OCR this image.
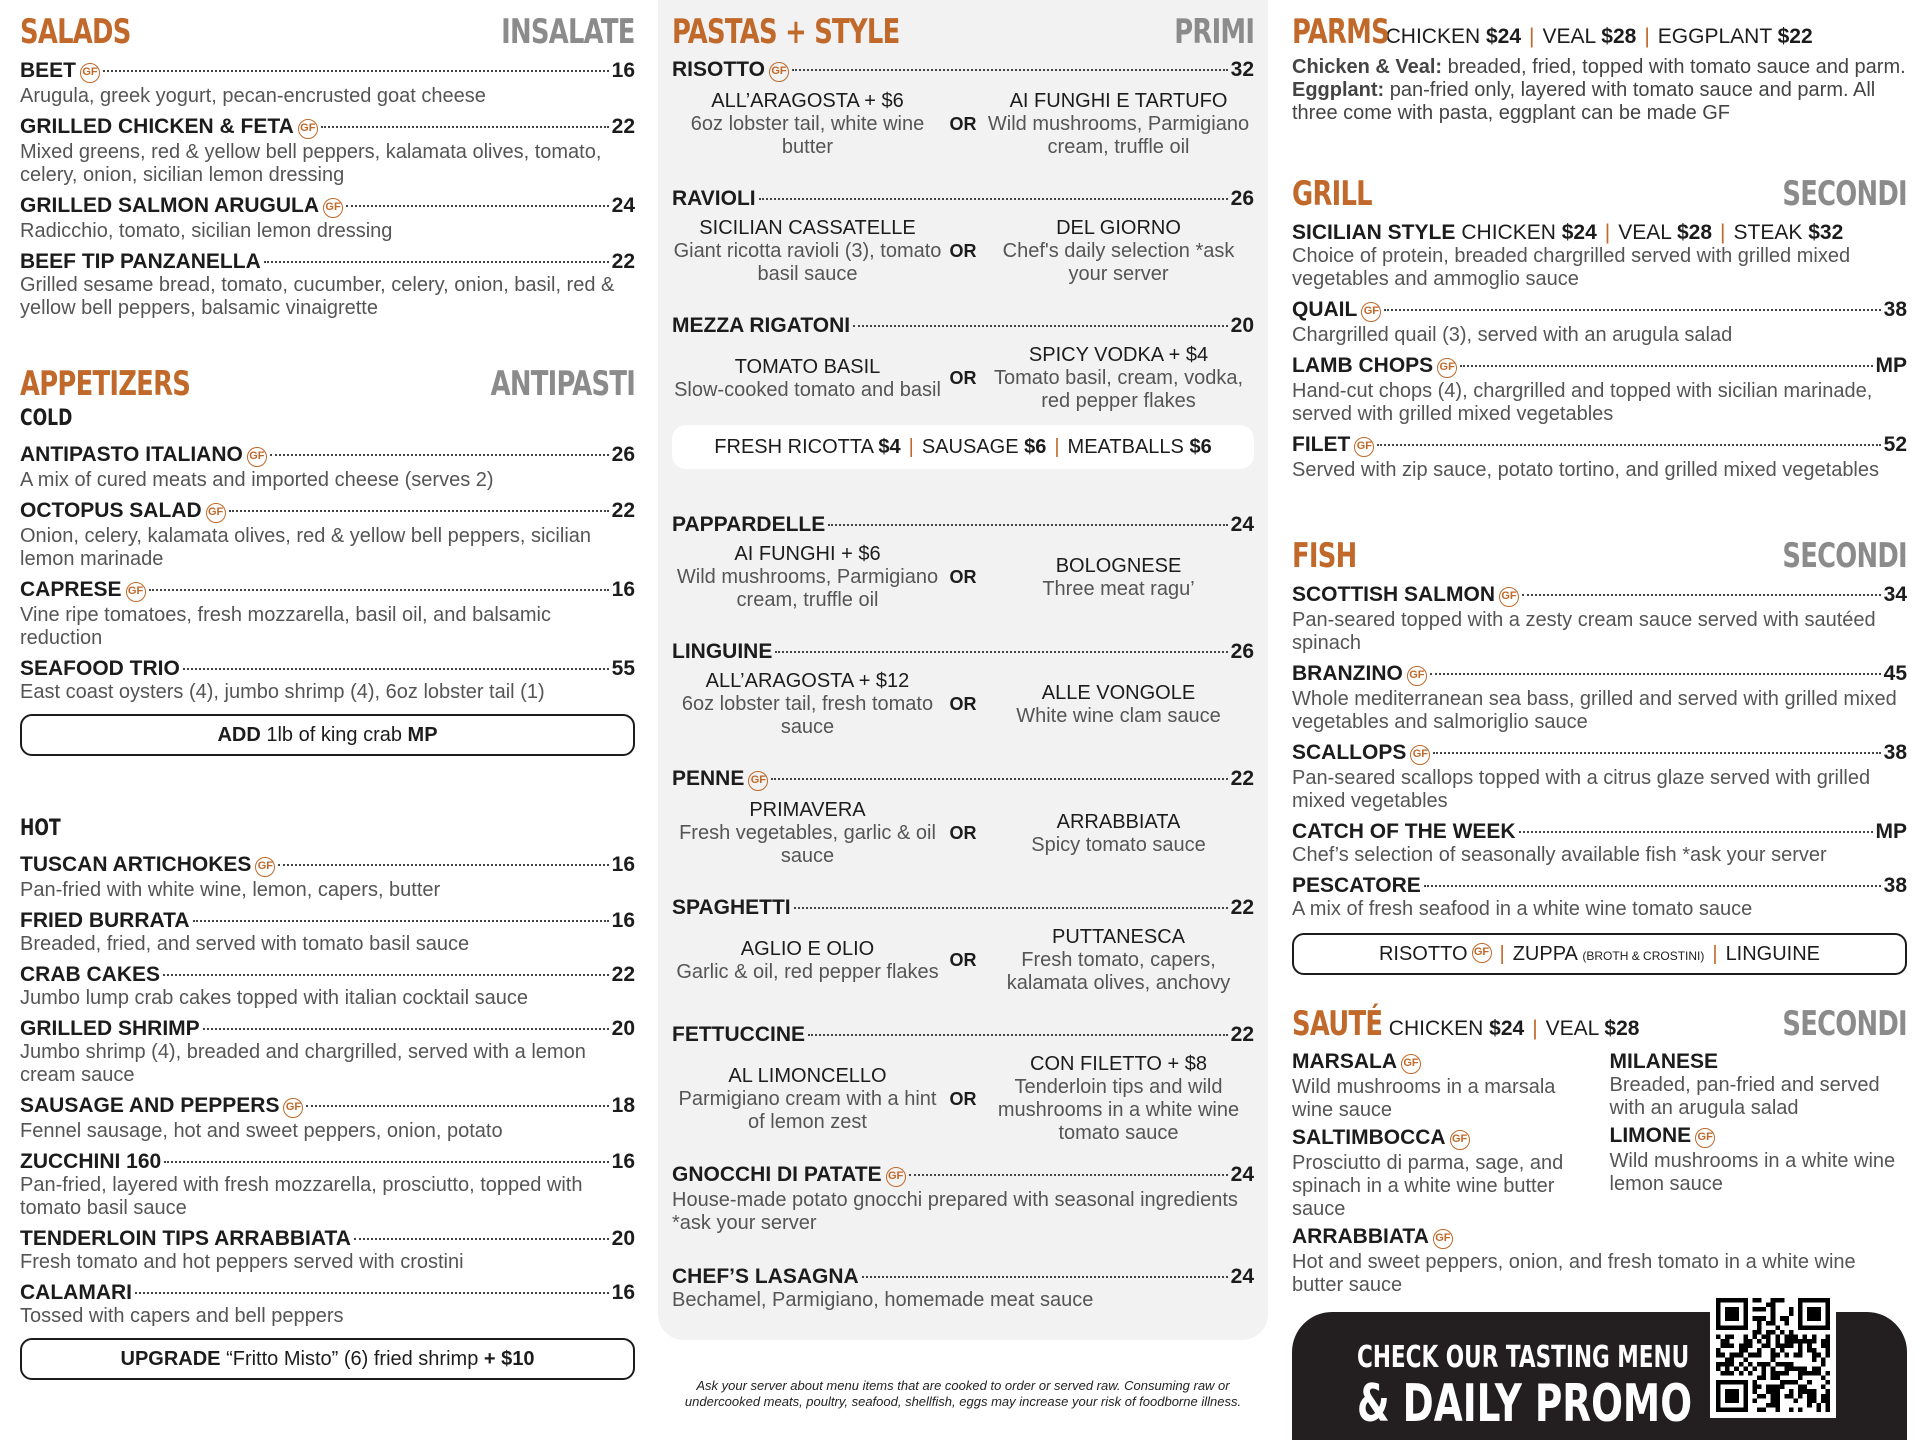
SALADS	INSALATE
BEET GF	16
Arugula, greek yogurt, pecan-encrusted goat cheese
GRILLED CHICKEN & FETA GF	22
Mixed greens, red & yellow bell peppers, kalamata olives, tomato, celery, onion, sicilian lemon dressing
GRILLED SALMON ARUGULA GF	24
Radicchio, tomato, sicilian lemon dressing
BEEF TIP PANZANELLA	22
Grilled sesame bread, tomato, cucumber, celery, onion, basil, red & yellow bell peppers, balsamic vinaigrette
APPETIZERS	ANTIPASTI
COLD
ANTIPASTO ITALIANO GF	26
A mix of cured meats and imported cheese (serves 2)
OCTOPUS SALAD GF	22
Onion, celery, kalamata olives, red & yellow bell peppers, sicilian lemon marinade
CAPRESE GF	16
Vine ripe tomatoes, fresh mozzarella, basil oil, and balsamic reduction
SEAFOOD TRIO	55
East coast oysters (4), jumbo shrimp (4), 6oz lobster tail (1)
ADD 1lb of king crab MP
HOT
TUSCAN ARTICHOKES GF	16
Pan-fried with white wine, lemon, capers, butter
FRIED BURRATA	16
Breaded, fried, and served with tomato basil sauce
CRAB CAKES	22
Jumbo lump crab cakes topped with italian cocktail sauce
GRILLED SHRIMP	20
Jumbo shrimp (4), breaded and chargrilled, served with a lemon cream sauce
SAUSAGE AND PEPPERS GF	18
Fennel sausage, hot and sweet peppers, onion, potato
ZUCCHINI 160	16
Pan-fried, layered with fresh mozzarella, prosciutto, topped with tomato basil sauce
TENDERLOIN TIPS ARRABBIATA	20
Fresh tomato and hot peppers served with crostini
CALAMARI	16
Tossed with capers and bell peppers
UPGRADE “Fritto Misto” (6) fried shrimp + $10
PASTAS + STYLE	PRIMI
RISOTTO GF	32
ALL’ARAGOSTA + $6
6oz lobster tail, white wine butter
OR
AI FUNGHI E TARTUFO
Wild mushrooms, Parmigiano cream, truffle oil
RAVIOLI	26
SICILIAN CASSATELLE
Giant ricotta ravioli (3), tomato basil sauce
OR
DEL GIORNO
Chef's daily selection *ask your server
MEZZA RIGATONI	20
TOMATO BASIL
Slow-cooked tomato and basil
OR
SPICY VODKA + $4
Tomato basil, cream, vodka, red pepper flakes
FRESH RICOTTA $4 | SAUSAGE $6 | MEATBALLS $6
PAPPARDELLE	24
AI FUNGHI + $6
Wild mushrooms, Parmigiano cream, truffle oil
OR
BOLOGNESE
Three meat ragu’
LINGUINE	26
ALL’ARAGOSTA + $12
6oz lobster tail, fresh tomato sauce
OR
ALLE VONGOLE
White wine clam sauce
PENNE GF	22
PRIMAVERA
Fresh vegetables, garlic & oil sauce
OR
ARRABBIATA
Spicy tomato sauce
SPAGHETTI	22
AGLIO E OLIO
Garlic & oil, red pepper flakes
OR
PUTTANESCA
Fresh tomato, capers, kalamata olives, anchovy
FETTUCCINE	22
AL LIMONCELLO
Parmigiano cream with a hint of lemon zest
OR
CON FILETTO + $8
Tenderloin tips and wild mushrooms in a white wine tomato sauce
GNOCCHI DI PATATE GF	24
House-made potato gnocchi prepared with seasonal ingredients *ask your server
CHEF’S LASAGNA	24
Bechamel, Parmigiano, homemade meat sauce
Ask your server about menu items that are cooked to order or served raw. Consuming raw or undercooked meats, poultry, seafood, shellfish, eggs may increase your risk of foodborne illness.
PARMS
CHICKEN $24 | VEAL $28 | EGGPLANT $22
Chicken & Veal: breaded, fried, topped with tomato sauce and parm. Eggplant: pan-fried only, layered with tomato sauce and parm. All three come with pasta, eggplant can be made GF
GRILL	SECONDI
SICILIAN STYLE CHICKEN $24 | VEAL $28 | STEAK $32
Choice of protein, breaded chargrilled served with grilled mixed vegetables and ammoglio sauce
QUAIL GF	38
Chargrilled quail (3), served with an arugula salad
LAMB CHOPS GF	MP
Hand-cut chops (4), chargrilled and topped with sicilian marinade, served with grilled mixed vegetables
FILET GF	52
Served with zip sauce, potato tortino, and grilled mixed vegetables
FISH	SECONDI
SCOTTISH SALMON GF	34
Pan-seared topped with a zesty cream sauce served with sautéed spinach
BRANZINO GF	45
Whole mediterranean sea bass, grilled and served with grilled mixed vegetables and salmoriglio sauce
SCALLOPS GF	38
Pan-seared scallops topped with a citrus glaze served with grilled mixed vegetables
CATCH OF THE WEEK	MP
Chef’s selection of seasonally available fish *ask your server
PESCATORE	38
A mix of fresh seafood in a white wine tomato sauce
RISOTTO GF | ZUPPA (BROTH & CROSTINI) | LINGUINE
SAUTÉ CHICKEN $24 | VEAL $28	SECONDI
MARSALA GF
Wild mushrooms in a marsala wine sauce
SALTIMBOCCA GF
Prosciutto di parma, sage, and spinach in a white wine butter sauce
MILANESE
Breaded, pan-fried and served with an arugula salad
LIMONE GF
Wild mushrooms in a white wine lemon sauce
ARRABBIATA GF
Hot and sweet peppers, onion, and fresh tomato in a white wine butter sauce
CHECK OUR TASTING MENU
& DAILY PROMO
